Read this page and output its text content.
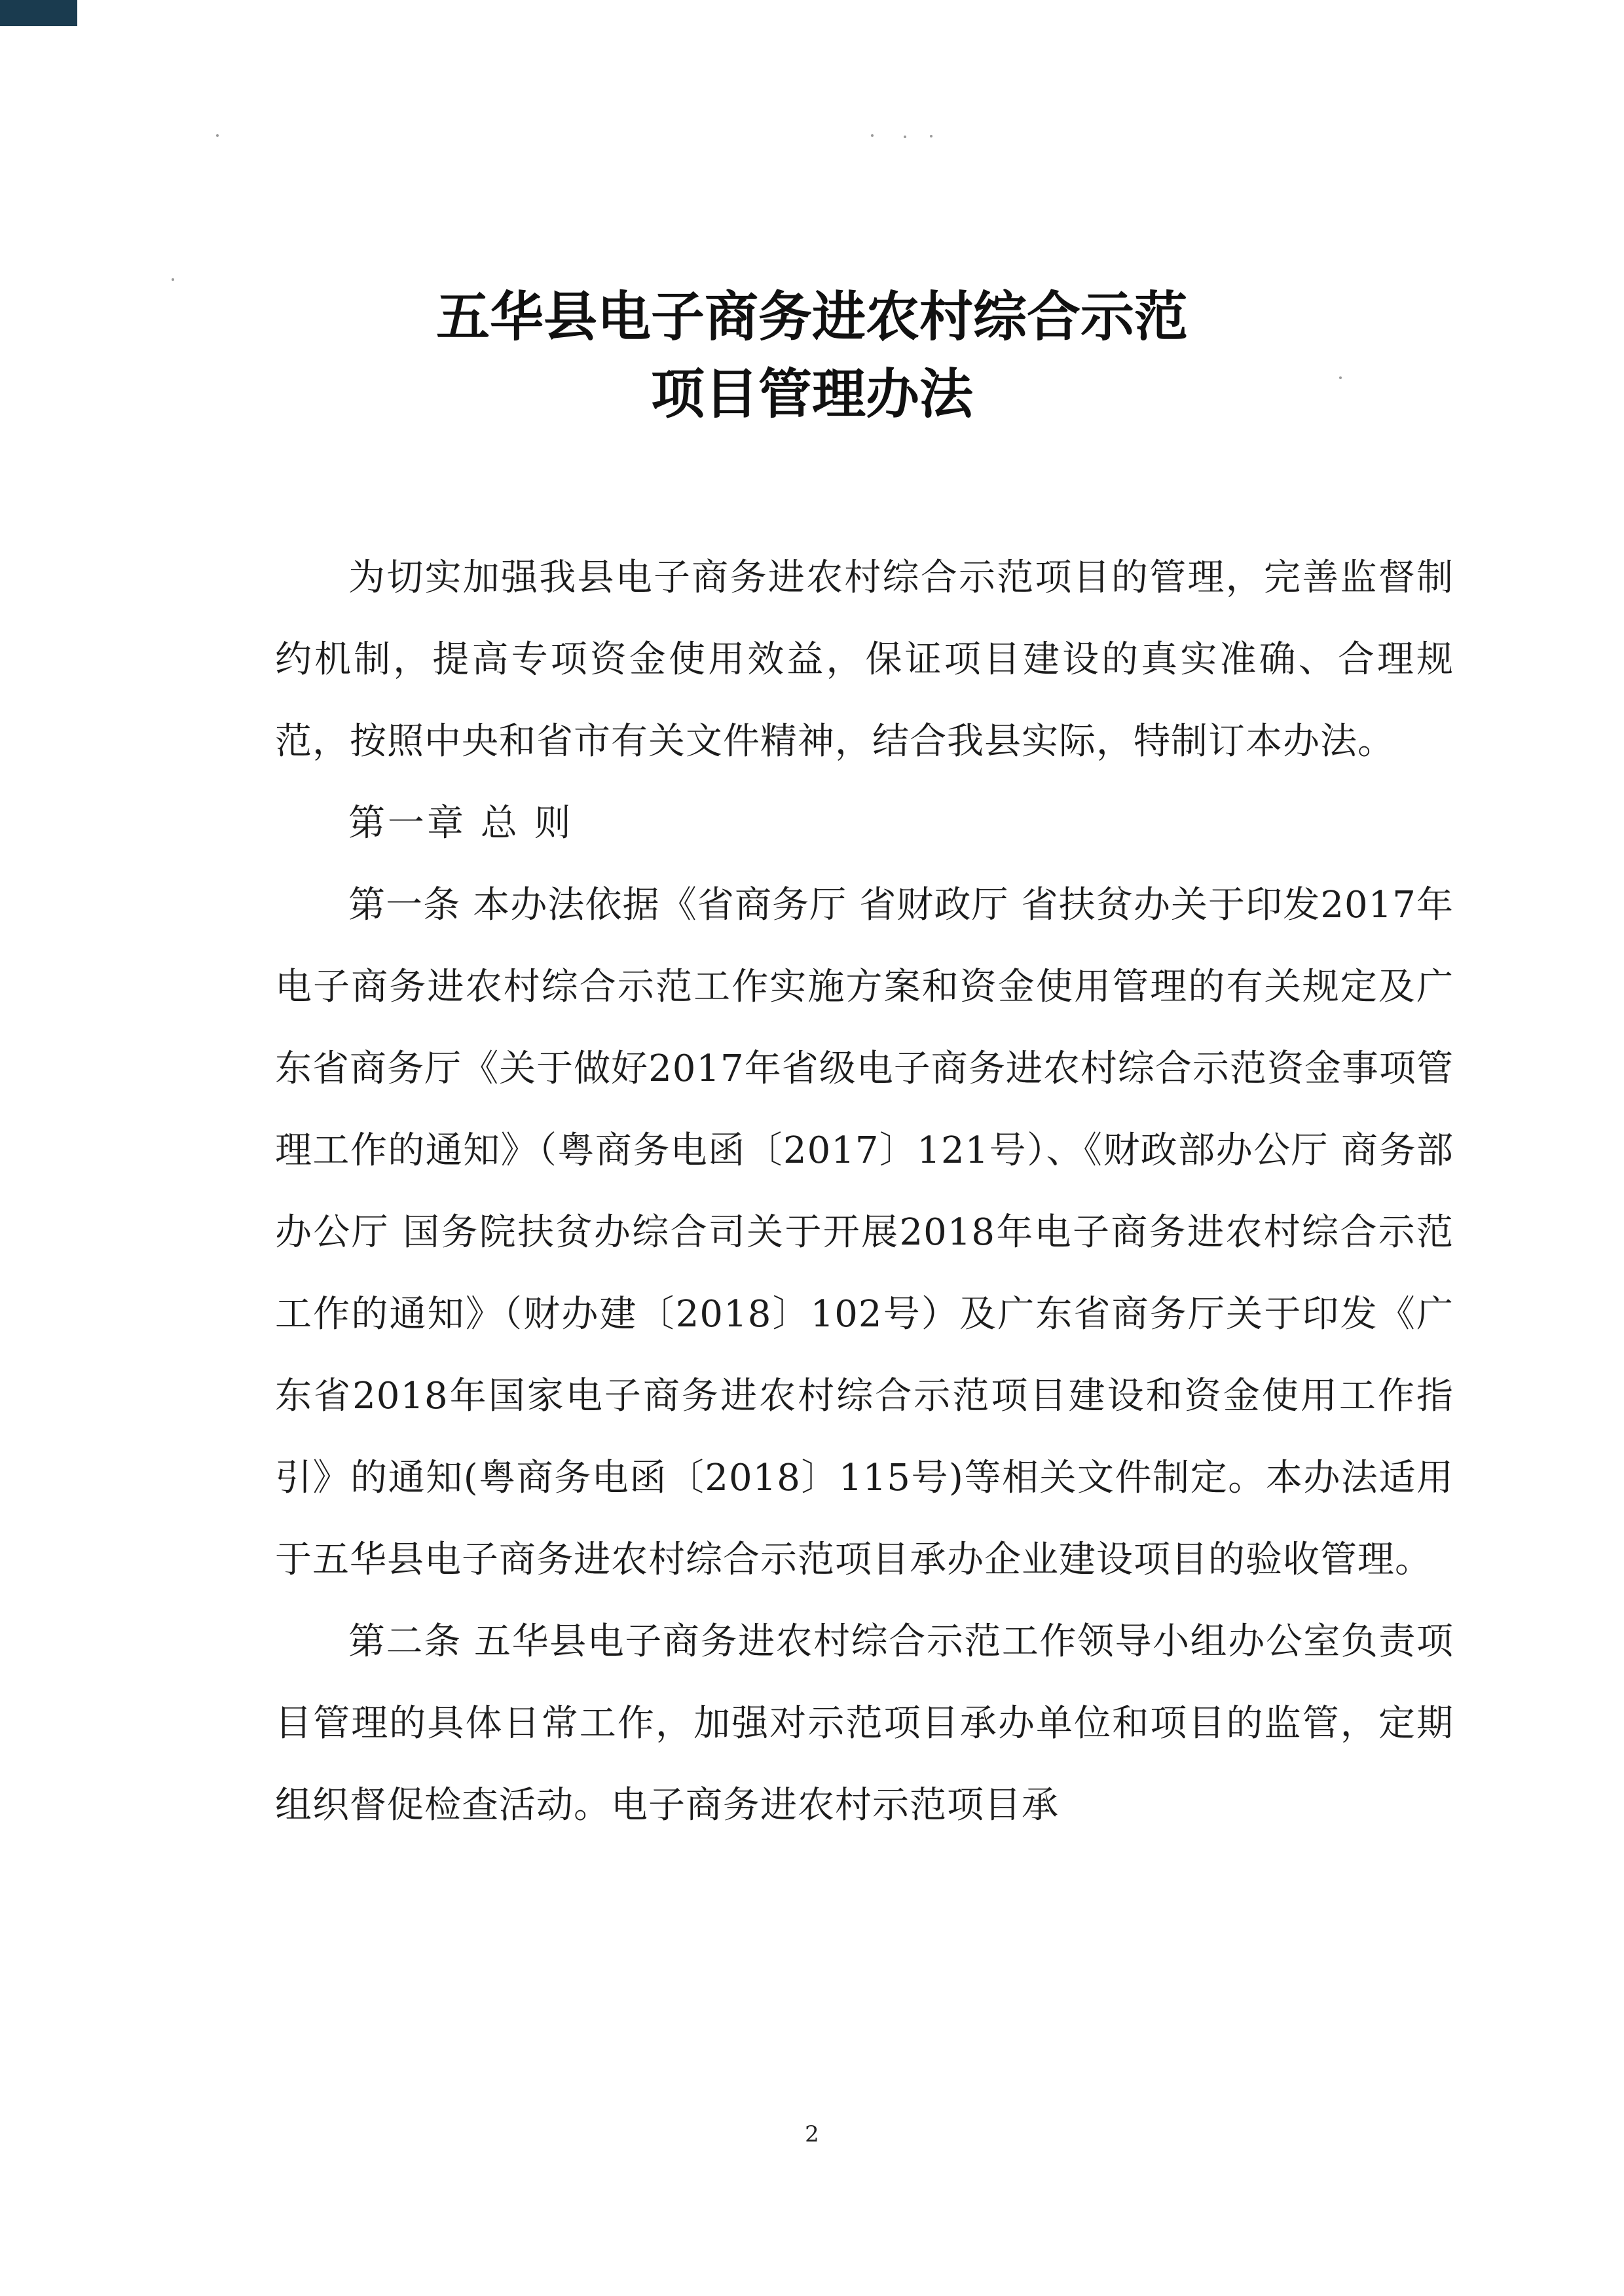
五华县电子商务进农村综合示范
项目管理办法

为切实加强我县电子商务进农村综合示范项目的管理，完善监督制约机制，提高专项资金使用效益，保证项目建设的真实准确、合理规范，按照中央和省市有关文件精神，结合我县实际，特制订本办法。

第一章 总 则

第一条 本办法依据《省商务厅 省财政厅 省扶贫办关于印发2017年电子商务进农村综合示范工作实施方案和资金使用管理的有关规定及广东省商务厅《关于做好2017年省级电子商务进农村综合示范资金事项管理工作的通知》（粤商务电函〔2017〕121号）、《财政部办公厅 商务部办公厅 国务院扶贫办综合司关于开展2018年电子商务进农村综合示范工作的通知》（财办建〔2018〕102号）及广东省商务厅关于印发《广东省2018年国家电子商务进农村综合示范项目建设和资金使用工作指引》的通知(粤商务电函〔2018〕115号)等相关文件制定。本办法适用于五华县电子商务进农村综合示范项目承办企业建设项目的验收管理。

第二条 五华县电子商务进农村综合示范工作领导小组办公室负责项目管理的具体日常工作，加强对示范项目承办单位和项目的监管，定期组织督促检查活动。电子商务进农村示范项目承

2
